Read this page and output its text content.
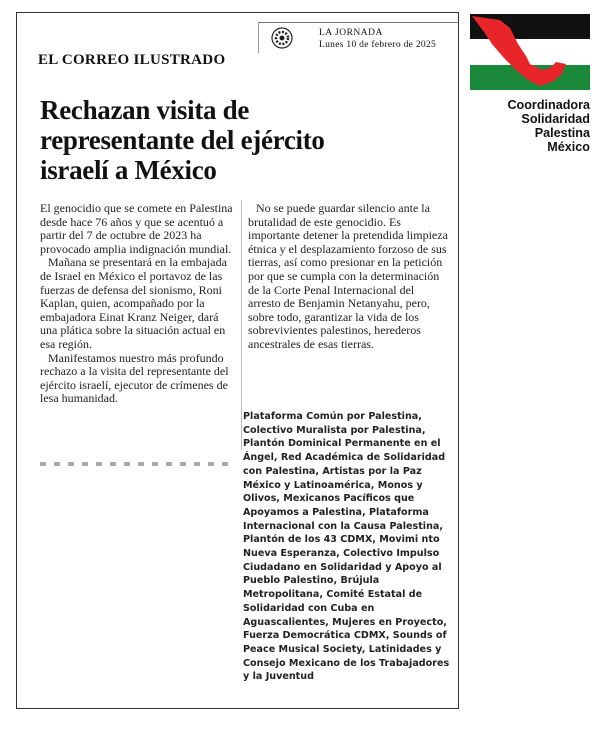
LA JORNADA
Lunes 10 de febrero de 2025
EL CORREO ILUSTRADO
Rechazan visita de representante del ejército israelí a México

El genocidio que se comete en Palestina desde hace 76 años y que se acentuó a partir del 7 de octubre de 2023 ha provocado amplia indignación mundial.

Mañana se presentará en la embajada de Israel en México el portavoz de las fuerzas de defensa del sionismo, Roni Kaplan, quien, acompañado por la embajadora Einat Kranz Neiger, dará una plática sobre la situación actual en esa región.

Manifestamos nuestro más profundo rechazo a la visita del representante del ejército israelí, ejecutor de crímenes de lesa humanidad.

No se puede guardar silencio ante la brutalidad de este genocidio. Es importante detener la pretendida limpieza étnica y el desplazamiento forzoso de sus tierras, así como presionar en la petición por que se cumpla con la determinación de la Corte Penal Internacional del arresto de Benjamin Netanyahu, pero, sobre todo, garantizar la vida de los sobrevivientes palestinos, herederos ancestrales de esas tierras.

Plataforma Común por Palestina, Colectivo Muralista por Palestina, Plantón Dominical Permanente en el Ángel, Red Académica de Solidaridad con Palestina, Artistas por la Paz México y Latinoamérica, Monos y Olivos, Mexicanos Pacíficos que Apoyamos a Palestina, Plataforma Internacional con la Causa Palestina, Plantón de los 43 CDMX, Movimi nto Nueva Esperanza, Colectivo Impulso Ciudadano en Solidaridad y Apoyo al Pueblo Palestino, Brújula Metropolitana, Comité Estatal de Solidaridad con Cuba en Aguascalientes, Mujeres en Proyecto, Fuerza Democrática CDMX, Sounds of Peace Musical Society, Latinidades y Consejo Mexicano de los Trabajadores y la Juventud
Coordinadora
Solidaridad
Palestina
México
